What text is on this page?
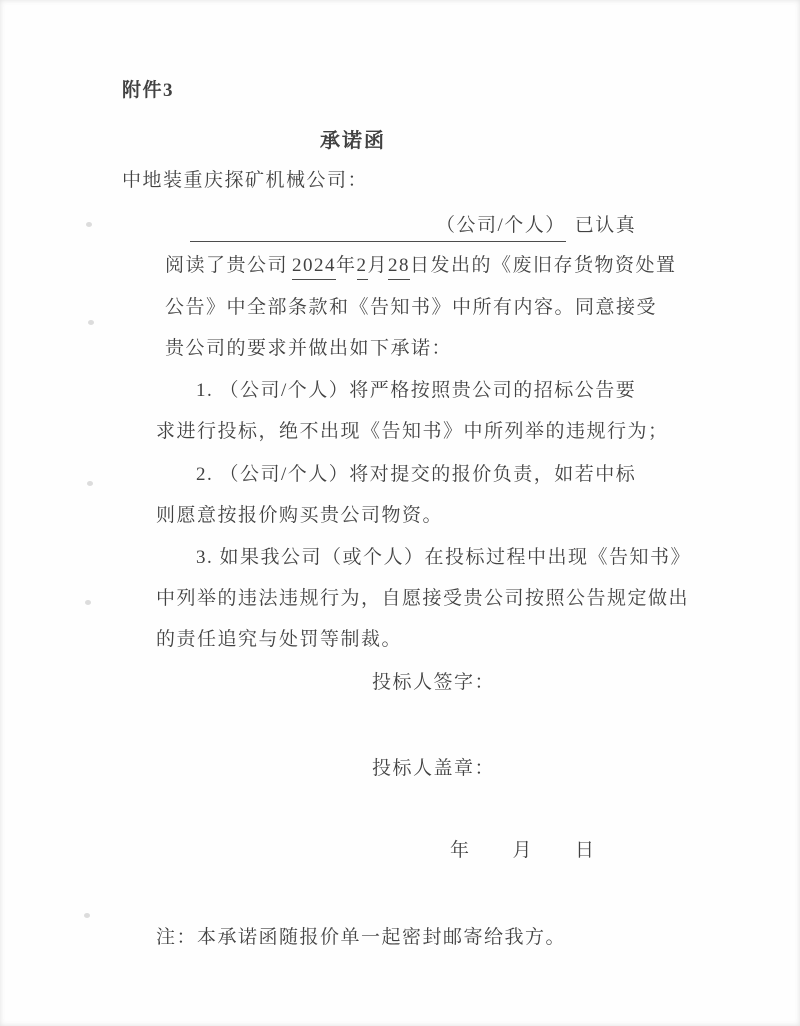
附件3
承诺函
中地装重庆探矿机械公司：
（公司/个人） 已认真
阅读了贵公司 2024年2月28日发出的《废旧存货物资处置
公告》中全部条款和《告知书》中所有内容。同意接受
贵公司的要求并做出如下承诺：
1. （公司/个人）将严格按照贵公司的招标公告要
求进行投标，绝不出现《告知书》中所列举的违规行为；
2. （公司/个人）将对提交的报价负责，如若中标
则愿意按报价购买贵公司物资。
3. 如果我公司（或个人）在投标过程中出现《告知书》
中列举的违法违规行为，自愿接受贵公司按照公告规定做出
的责任追究与处罚等制裁。
投标人签字：
投标人盖章：
年 月 日
注：本承诺函随报价单一起密封邮寄给我方。
